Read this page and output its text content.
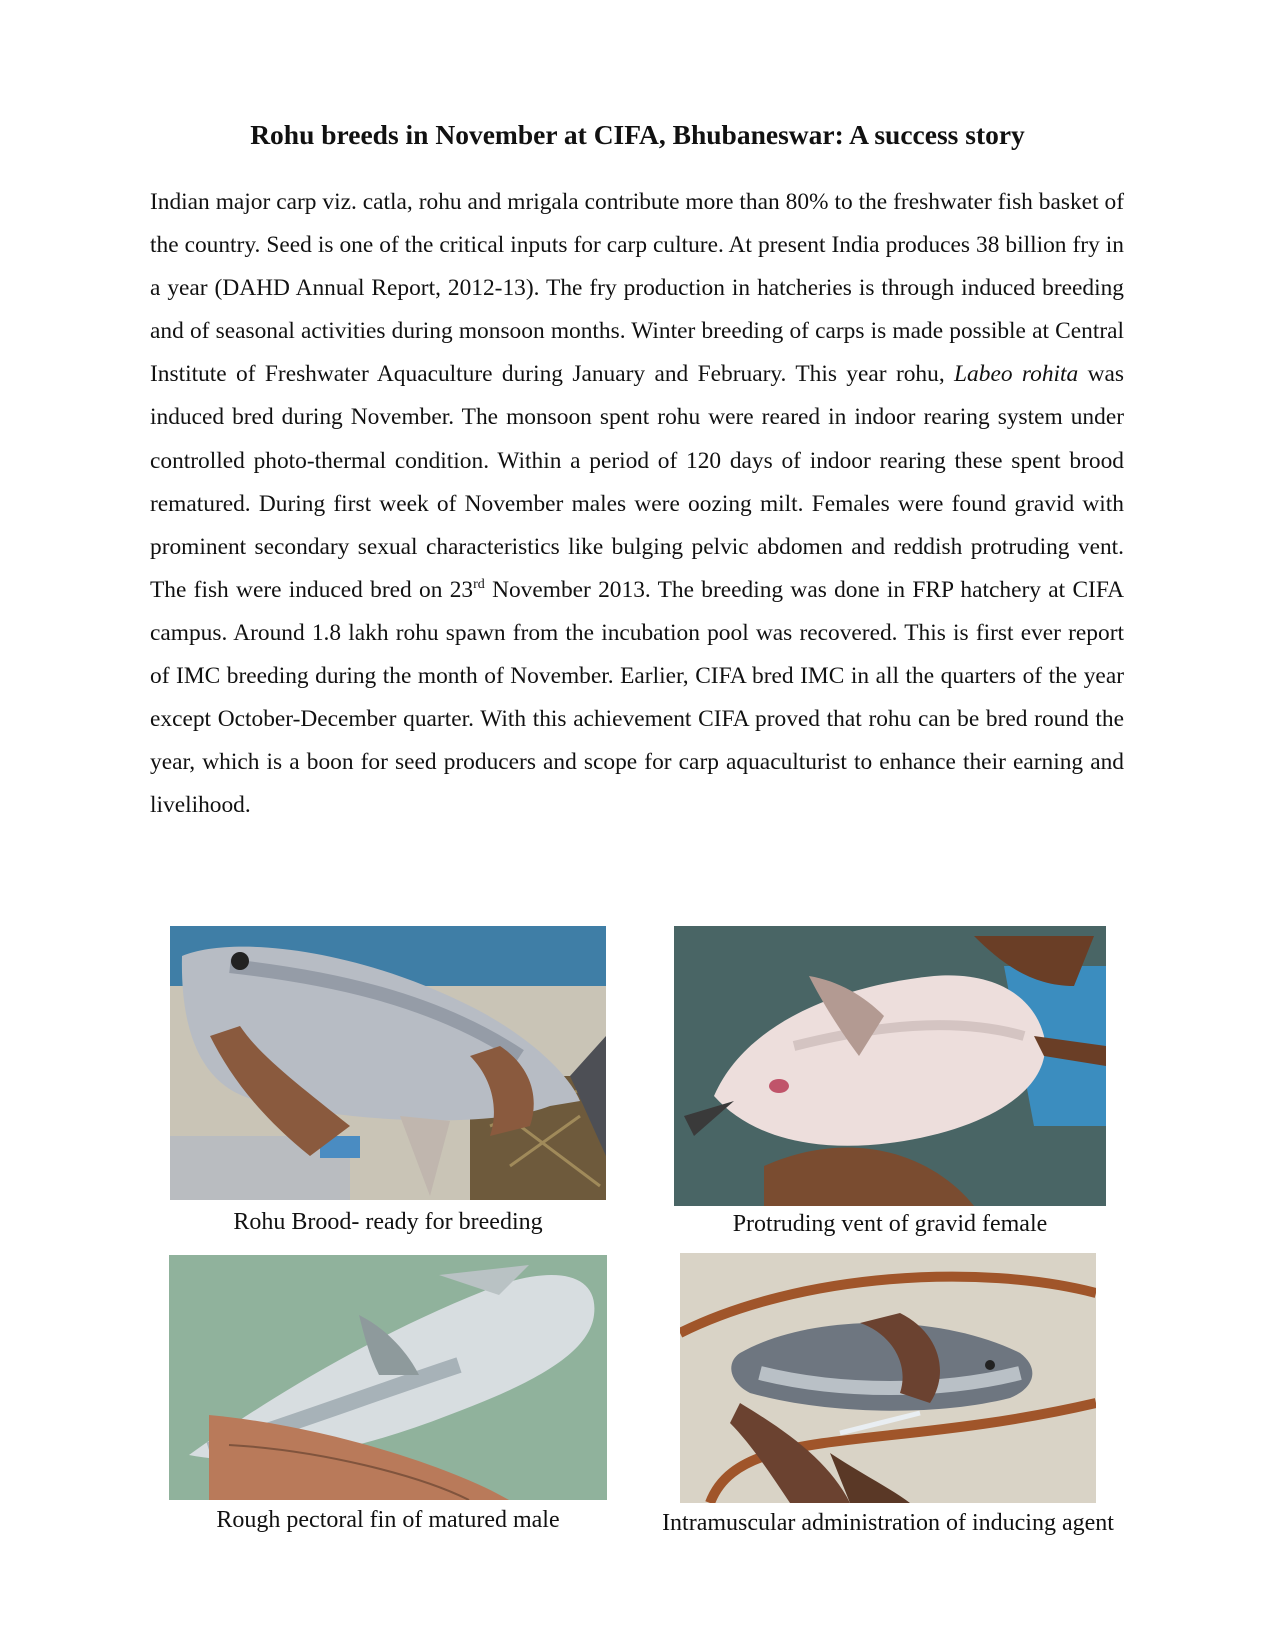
Rohu breeds in November at CIFA, Bhubaneswar: A success story

Indian major carp viz. catla, rohu and mrigala contribute more than 80% to the freshwater fish basket of the country. Seed is one of the critical inputs for carp culture. At present India produces 38 billion fry in a year (DAHD Annual Report, 2012-13). The fry production in hatcheries is through induced breeding and of seasonal activities during monsoon months. Winter breeding of carps is made possible at Central Institute of Freshwater Aquaculture during January and February. This year rohu, Labeo rohita was induced bred during November. The monsoon spent rohu were reared in indoor rearing system under controlled photo-thermal condition. Within a period of 120 days of indoor rearing these spent brood rematured. During first week of November males were oozing milt. Females were found gravid with prominent secondary sexual characteristics like bulging pelvic abdomen and reddish protruding vent. The fish were induced bred on 23rd November 2013. The breeding was done in FRP hatchery at CIFA campus. Around 1.8 lakh rohu spawn from the incubation pool was recovered. This is first ever report of IMC breeding during the month of November. Earlier, CIFA bred IMC in all the quarters of the year except October-December quarter. With this achievement CIFA proved that rohu can be bred round the year, which is a boon for seed producers and scope for carp aquaculturist to enhance their earning and livelihood.

Rohu Brood- ready for breeding	Protruding vent of gravid female
Rough pectoral fin of matured male	Intramuscular administration of inducing agent
